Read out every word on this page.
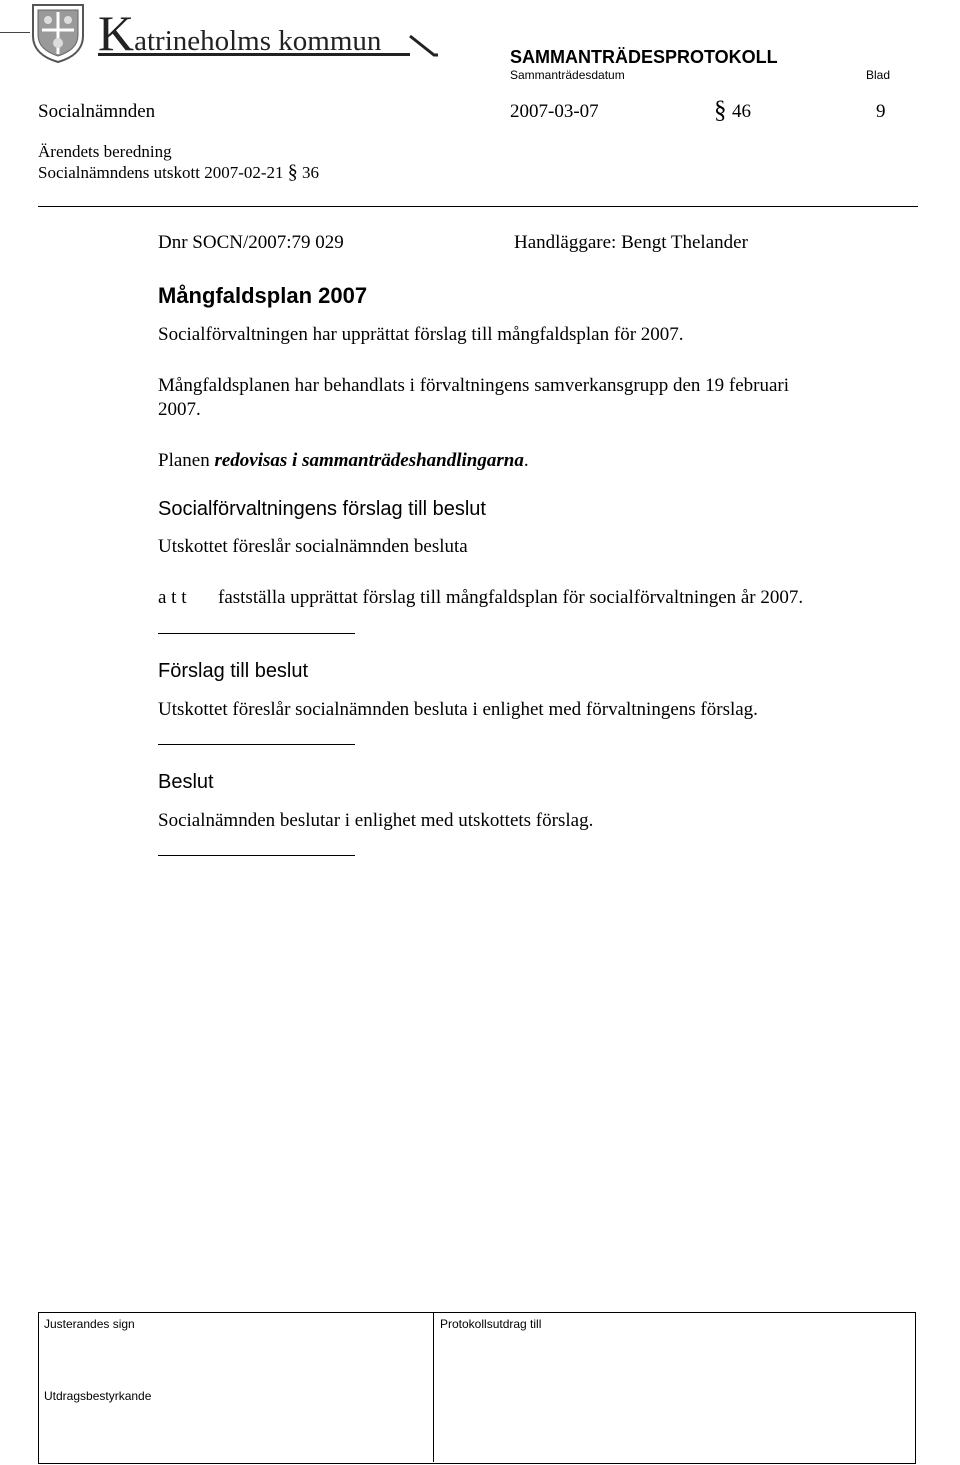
Katrineholms kommun	SAMMANTRÄDESPROTOKOLL
Sammanträdesdatum	Blad
Socialnämnden	2007-03-07	§ 46	9
Ärendets beredning
Socialnämndens utskott 2007-02-21 § 36
Dnr SOCN/2007:79 029	Handläggare: Bengt Thelander
Mångfaldsplan 2007
Socialförvaltningen har upprättat förslag till mångfaldsplan för 2007.
Mångfaldsplanen har behandlats i förvaltningens samverkansgrupp den 19 februari
2007.
Planen redovisas i sammanträdeshandlingarna.
Socialförvaltningens förslag till beslut
Utskottet föreslår socialnämnden besluta
a t t fastställa upprättat förslag till mångfaldsplan för socialförvaltningen år 2007.
Förslag till beslut
Utskottet föreslår socialnämnden besluta i enlighet med förvaltningens förslag.
Beslut
Socialnämnden beslutar i enlighet med utskottets förslag.
Justerandes sign	Protokollsutdrag till
Utdragsbestyrkande
